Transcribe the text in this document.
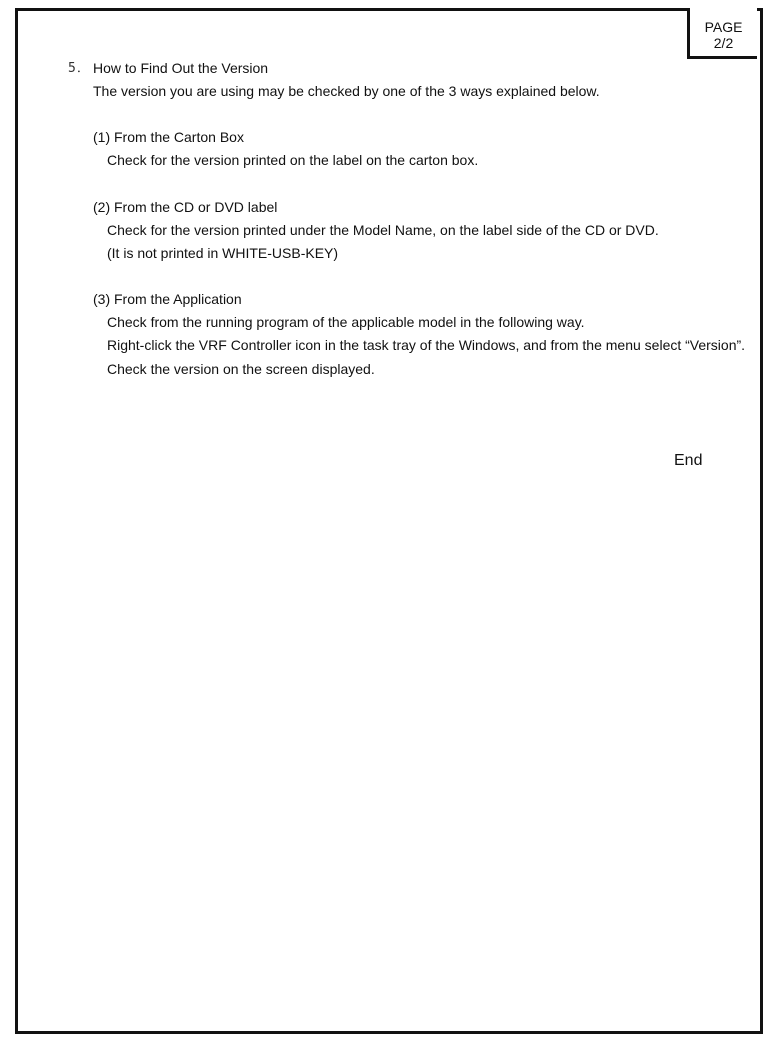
PAGE
2/2
5． How to Find Out the Version
The version you are using may be checked by one of the 3 ways explained below.
(1) From the Carton Box
Check for the version printed on the label on the carton box.
(2) From the CD or DVD label
Check for the version printed under the Model Name, on the label side of the CD or DVD.
(It is not printed in WHITE-USB-KEY)
(3) From the Application
Check from the running program of the applicable model in the following way.
Right-click the VRF Controller icon in the task tray of the Windows, and from the menu select “Version”.
Check the version on the screen displayed.
End
